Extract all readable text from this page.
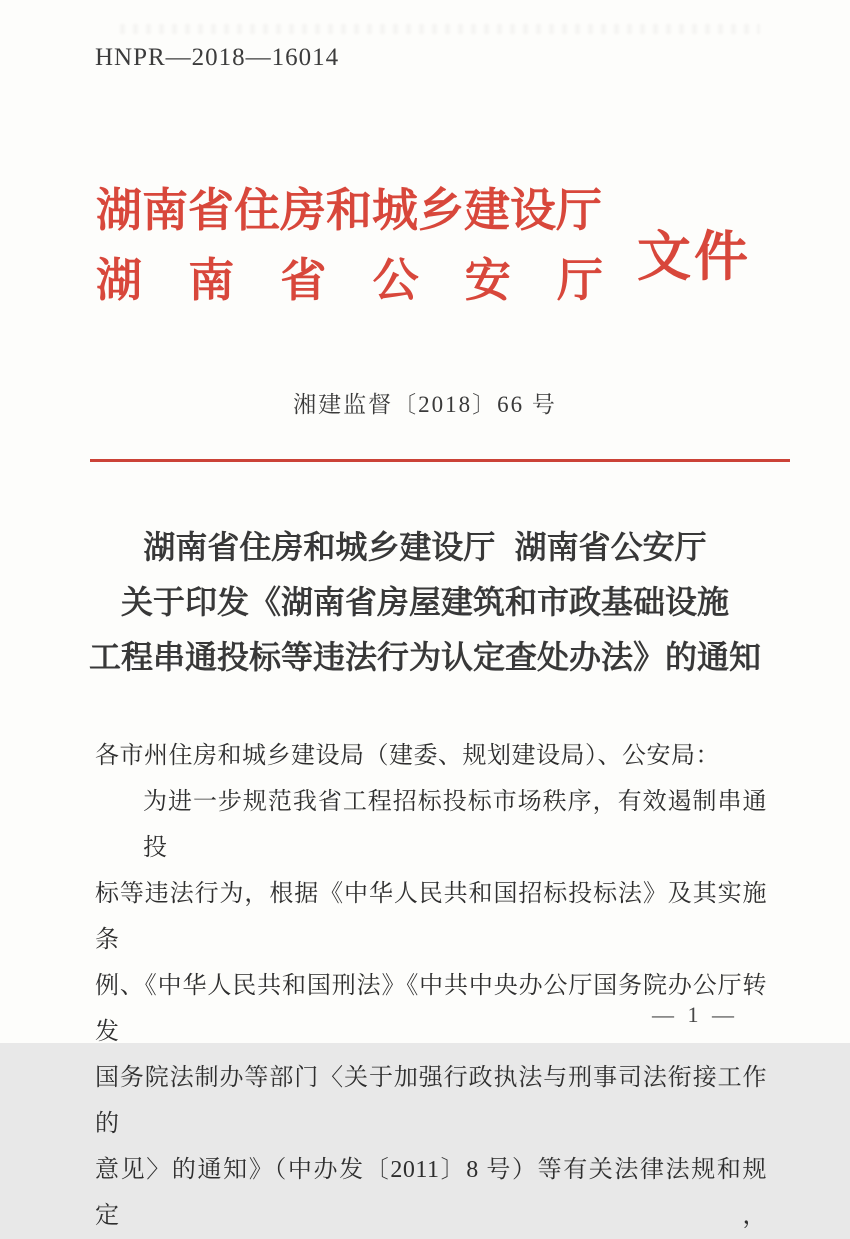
HNPR—2018—16014
湖南省住房和城乡建设厅
湖南省公安厅 文件
湘建监督〔2018〕66 号
湖南省住房和城乡建设厅 湖南省公安厅
关于印发《湖南省房屋建筑和市政基础设施
工程串通投标等违法行为认定查处办法》的通知
各市州住房和城乡建设局（建委、规划建设局）、公安局：
为进一步规范我省工程招标投标市场秩序，有效遏制串通投
标等违法行为，根据《中华人民共和国招标投标法》及其实施条
例、《中华人民共和国刑法》《中共中央办公厅国务院办公厅转发
国务院法制办等部门〈关于加强行政执法与刑事司法衔接工作的
意见〉的通知》（中办发〔2011〕8 号）等有关法律法规和规定，
— 1 —
